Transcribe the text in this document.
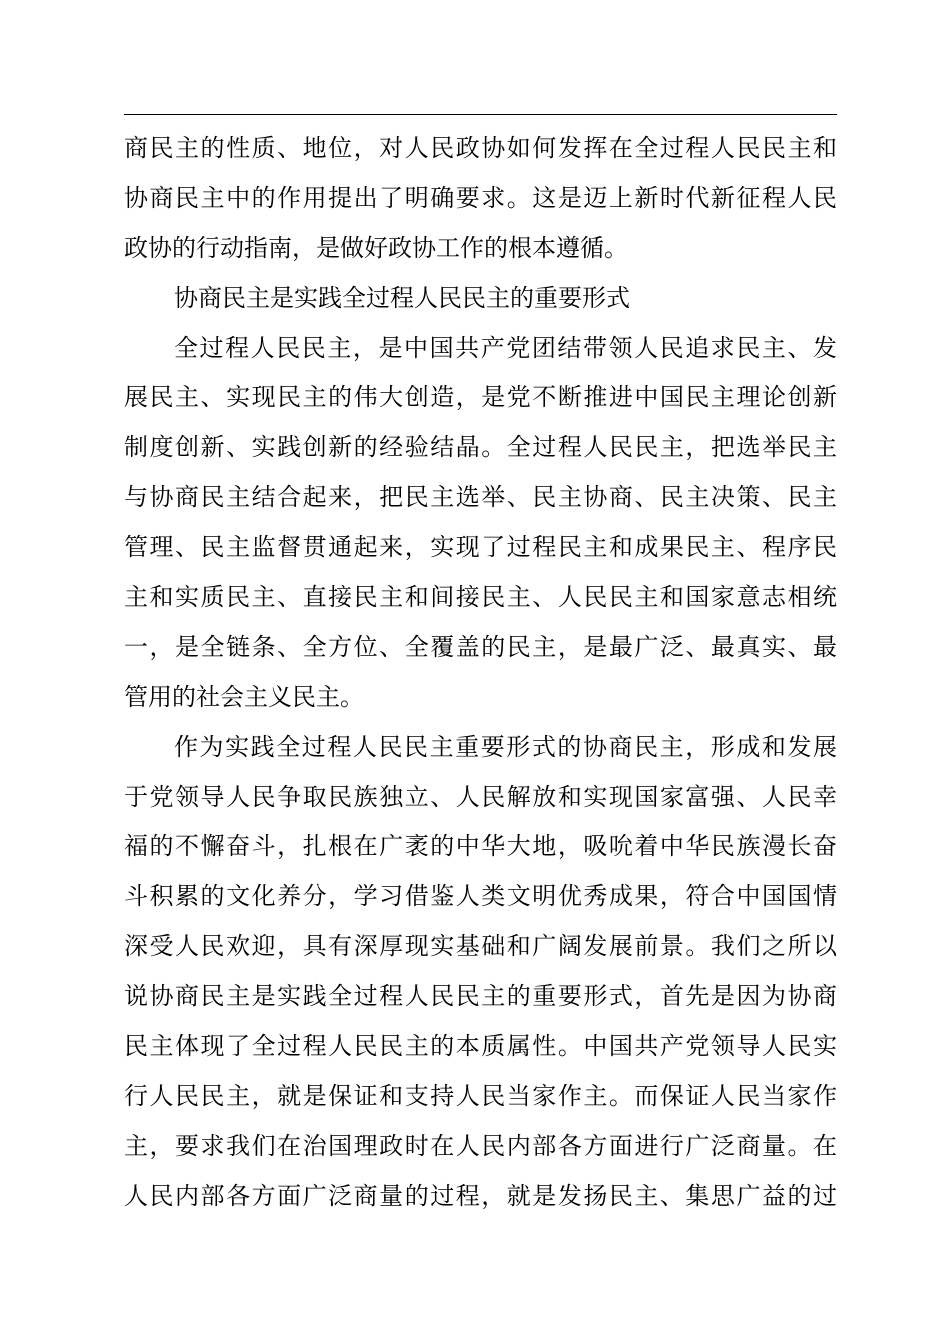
商民主的性质、地位，对人民政协如何发挥在全过程人民民主和
协商民主中的作用提出了明确要求。这是迈上新时代新征程人民
政协的行动指南，是做好政协工作的根本遵循。
协商民主是实践全过程人民民主的重要形式
全过程人民民主，是中国共产党团结带领人民追求民主、发
展民主、实现民主的伟大创造，是党不断推进中国民主理论创新
制度创新、实践创新的经验结晶。全过程人民民主，把选举民主
与协商民主结合起来，把民主选举、民主协商、民主决策、民主
管理、民主监督贯通起来，实现了过程民主和成果民主、程序民
主和实质民主、直接民主和间接民主、人民民主和国家意志相统
一，是全链条、全方位、全覆盖的民主，是最广泛、最真实、最
管用的社会主义民主。
作为实践全过程人民民主重要形式的协商民主，形成和发展
于党领导人民争取民族独立、人民解放和实现国家富强、人民幸
福的不懈奋斗，扎根在广袤的中华大地，吸吮着中华民族漫长奋
斗积累的文化养分，学习借鉴人类文明优秀成果，符合中国国情
深受人民欢迎，具有深厚现实基础和广阔发展前景。我们之所以
说协商民主是实践全过程人民民主的重要形式，首先是因为协商
民主体现了全过程人民民主的本质属性。中国共产党领导人民实
行人民民主，就是保证和支持人民当家作主。而保证人民当家作
主，要求我们在治国理政时在人民内部各方面进行广泛商量。在
人民内部各方面广泛商量的过程，就是发扬民主、集思广益的过
